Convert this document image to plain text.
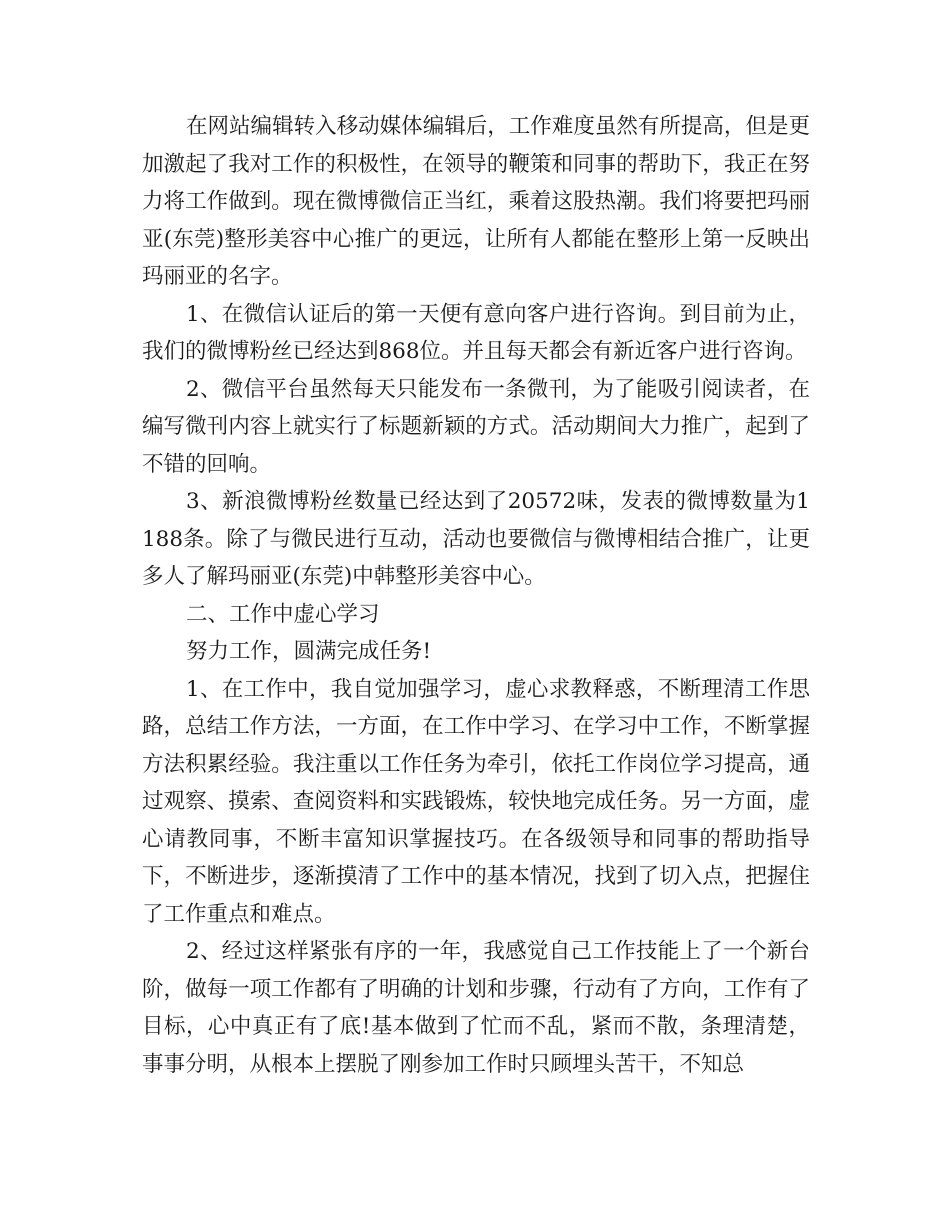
在网站编辑转入移动媒体编辑后，工作难度虽然有所提高，但是更加激起了我对工作的积极性，在领导的鞭策和同事的帮助下，我正在努力将工作做到。现在微博微信正当红，乘着这股热潮。我们将要把玛丽亚(东莞)整形美容中心推广的更远，让所有人都能在整形上第一反映出玛丽亚的名字。

1、在微信认证后的第一天便有意向客户进行咨询。到目前为止，我们的微博粉丝已经达到868位。并且每天都会有新近客户进行咨询。

2、微信平台虽然每天只能发布一条微刊，为了能吸引阅读者，在编写微刊内容上就实行了标题新颖的方式。活动期间大力推广，起到了不错的回响。

3、新浪微博粉丝数量已经达到了20572味，发表的微博数量为1188条。除了与微民进行互动，活动也要微信与微博相结合推广，让更多人了解玛丽亚(东莞)中韩整形美容中心。

二、工作中虚心学习

努力工作，圆满完成任务!

1、在工作中，我自觉加强学习，虚心求教释惑，不断理清工作思路，总结工作方法，一方面，在工作中学习、在学习中工作，不断掌握方法积累经验。我注重以工作任务为牵引，依托工作岗位学习提高，通过观察、摸索、查阅资料和实践锻炼，较快地完成任务。另一方面，虚心请教同事，不断丰富知识掌握技巧。在各级领导和同事的帮助指导下，不断进步，逐渐摸清了工作中的基本情况，找到了切入点，把握住了工作重点和难点。

2、经过这样紧张有序的一年，我感觉自己工作技能上了一个新台阶，做每一项工作都有了明确的计划和步骤，行动有了方向，工作有了目标，心中真正有了底!基本做到了忙而不乱，紧而不散，条理清楚，事事分明，从根本上摆脱了刚参加工作时只顾埋头苦干，不知总
